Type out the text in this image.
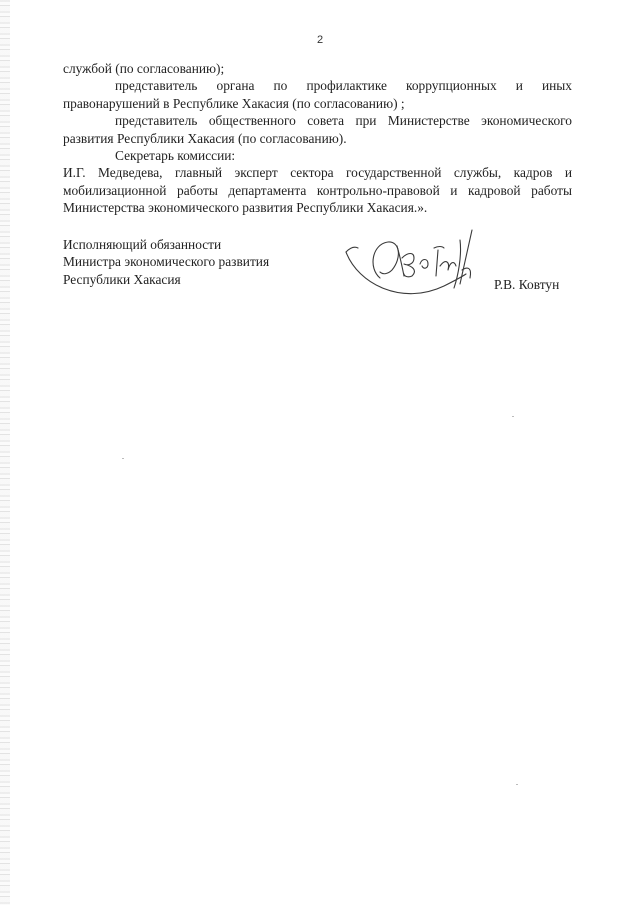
2

службой (по согласованию);

представитель органа по профилактике коррупционных и иных правонарушений в Республике Хакасия (по согласованию) ;

представитель общественного совета при Министерстве экономического развития Республики Хакасия (по согласованию).

Секретарь комиссии:

И.Г. Медведева, главный эксперт сектора государственной службы, кадров и мобилизационной работы департамента контрольно-правовой и кадровой работы Министерства экономического развития Республики Хакасия.».

Исполняющий обязанности
Министра экономического развития
Республики Хакасия	Р.В. Ковтун
